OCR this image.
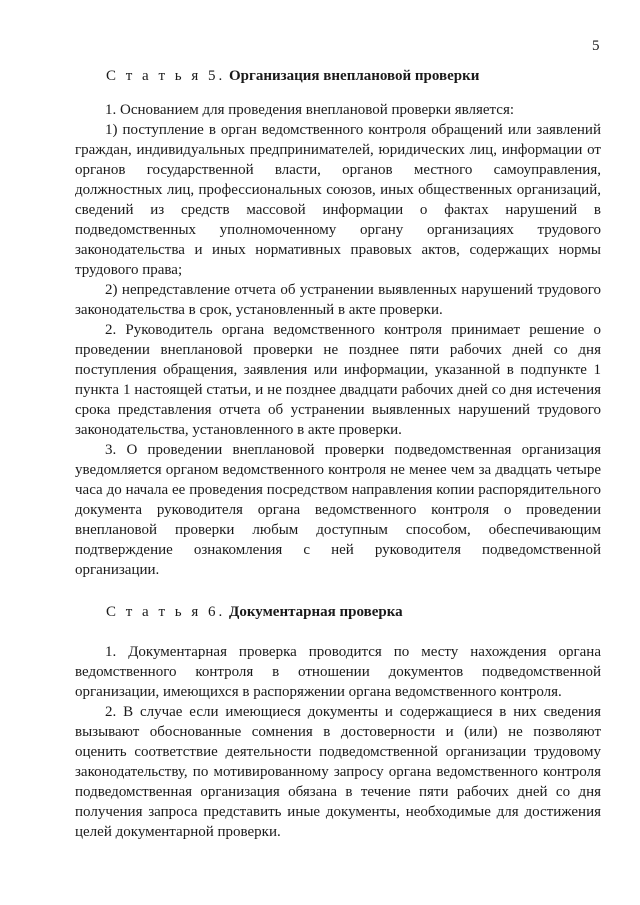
5

С т а т ь я 5. Организация внеплановой проверки

1. Основанием для проведения внеплановой проверки является:

1) поступление в орган ведомственного контроля обращений или заявлений граждан, индивидуальных предпринимателей, юридических лиц, информации от органов государственной власти, органов местного самоуправления, должностных лиц, профессиональных союзов, иных общественных организаций, сведений из средств массовой информации о фактах нарушений в подведомственных уполномоченному органу организациях трудового законодательства и иных нормативных правовых актов, содержащих нормы трудового права;

2) непредставление отчета об устранении выявленных нарушений трудового законодательства в срок, установленный в акте проверки.

2. Руководитель органа ведомственного контроля принимает решение о проведении внеплановой проверки не позднее пяти рабочих дней со дня поступления обращения, заявления или информации, указанной в подпункте 1 пункта 1 настоящей статьи, и не позднее двадцати рабочих дней со дня истечения срока представления отчета об устранении выявленных нарушений трудового законодательства, установленного в акте проверки.

3. О проведении внеплановой проверки подведомственная организация уведомляется органом ведомственного контроля не менее чем за двадцать четыре часа до начала ее проведения посредством направления копии распорядительного документа руководителя органа ведомственного контроля о проведении внеплановой проверки любым доступным способом, обеспечивающим подтверждение ознакомления с ней руководителя подведомственной организации.

С т а т ь я 6. Документарная проверка

1. Документарная проверка проводится по месту нахождения органа ведомственного контроля в отношении документов подведомственной организации, имеющихся в распоряжении органа ведомственного контроля.

2. В случае если имеющиеся документы и содержащиеся в них сведения вызывают обоснованные сомнения в достоверности и (или) не позволяют оценить соответствие деятельности подведомственной организации трудовому законодательству, по мотивированному запросу органа ведомственного контроля подведомственная организация обязана в течение пяти рабочих дней со дня получения запроса представить иные документы, необходимые для достижения целей документарной проверки.
